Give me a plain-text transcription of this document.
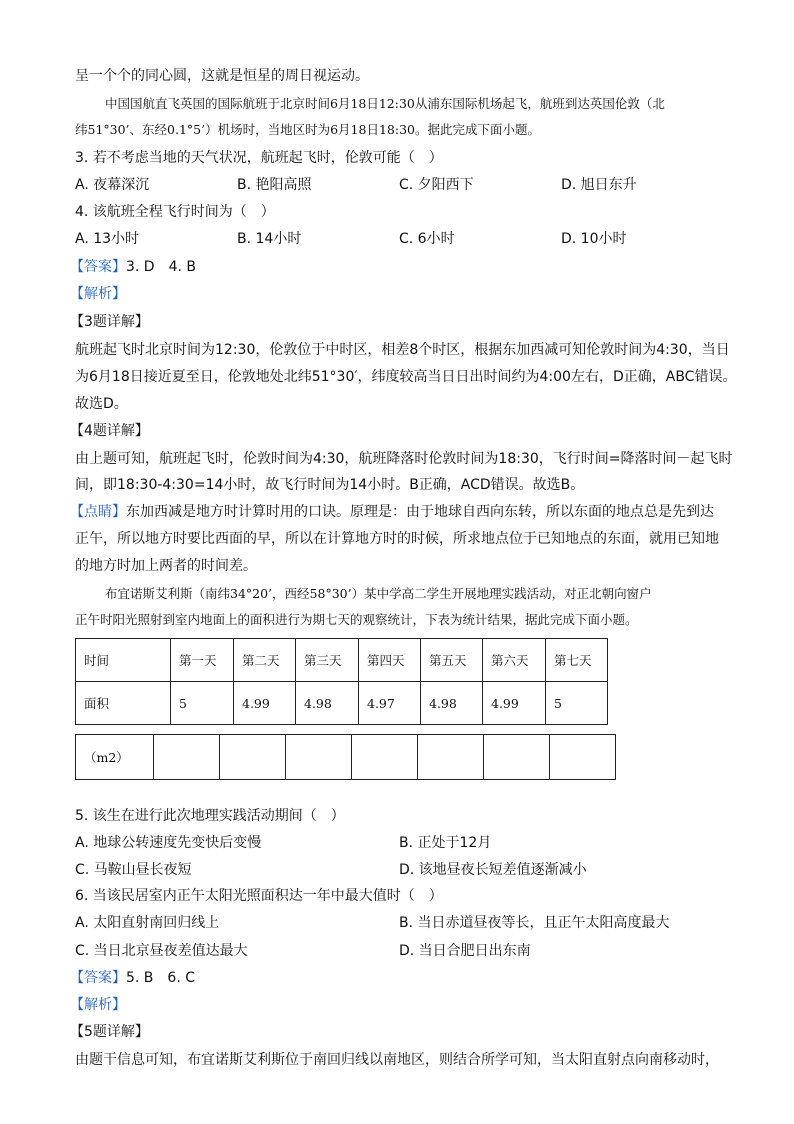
呈一个个的同心圆，这就是恒星的周日视运动。
中国国航直飞英国的国际航班于北京时间6月18日12:30从浦东国际机场起飞，航班到达英国伦敦（北
纬51°30’、东经0.1°5’）机场时，当地区时为6月18日18:30。据此完成下面小题。
3. 若不考虑当地的天气状况，航班起飞时，伦敦可能（　）
A. 夜幕深沉	B. 艳阳高照	C. 夕阳西下	D. 旭日东升
4. 该航班全程飞行时间为（　）
A. 13小时	B. 14小时	C. 6小时	D. 10小时
【答案】3. D　4. B
【解析】
【3题详解】
航班起飞时北京时间为12:30，伦敦位于中时区，相差8个时区，根据东加西减可知伦敦时间为4:30，当日
为6月18日接近夏至日，伦敦地处北纬51°30′，纬度较高当日日出时间约为4:00左右，D正确，ABC错误。
故选D。
【4题详解】
由上题可知，航班起飞时，伦敦时间为4:30，航班降落时伦敦时间为18:30，飞行时间=降落时间－起飞时
间，即18:30-4:30=14小时，故飞行时间为14小时。B正确，ACD错误。故选B。
【点睛】东加西减是地方时计算时用的口诀。原理是：由于地球自西向东转，所以东面的地点总是先到达
正午，所以地方时要比西面的早，所以在计算地方时的时候，所求地点位于已知地点的东面，就用已知地
的地方时加上两者的时间差。
布宜诺斯艾利斯（南纬34°20’，西经58°30’）某中学高二学生开展地理实践活动，对正北朝向窗户
正午时阳光照射到室内地面上的面积进行为期七天的观察统计，下表为统计结果，据此完成下面小题。
时间	第一天	第二天	第三天	第四天	第五天	第六天	第七天
面积	5	4.99	4.98	4.97	4.98	4.99	5
（m2）							
5. 该生在进行此次地理实践活动期间（　）
A. 地球公转速度先变快后变慢	B. 正处于12月
C. 马鞍山昼长夜短	D. 该地昼夜长短差值逐渐减小
6. 当该民居室内正午太阳光照面积达一年中最大值时（　）
A. 太阳直射南回归线上	B. 当日赤道昼夜等长，且正午太阳高度最大
C. 当日北京昼夜差值达最大	D. 当日合肥日出东南
【答案】5. B　6. C
【解析】
【5题详解】
由题干信息可知，布宜诺斯艾利斯位于南回归线以南地区，则结合所学可知，当太阳直射点向南移动时，
